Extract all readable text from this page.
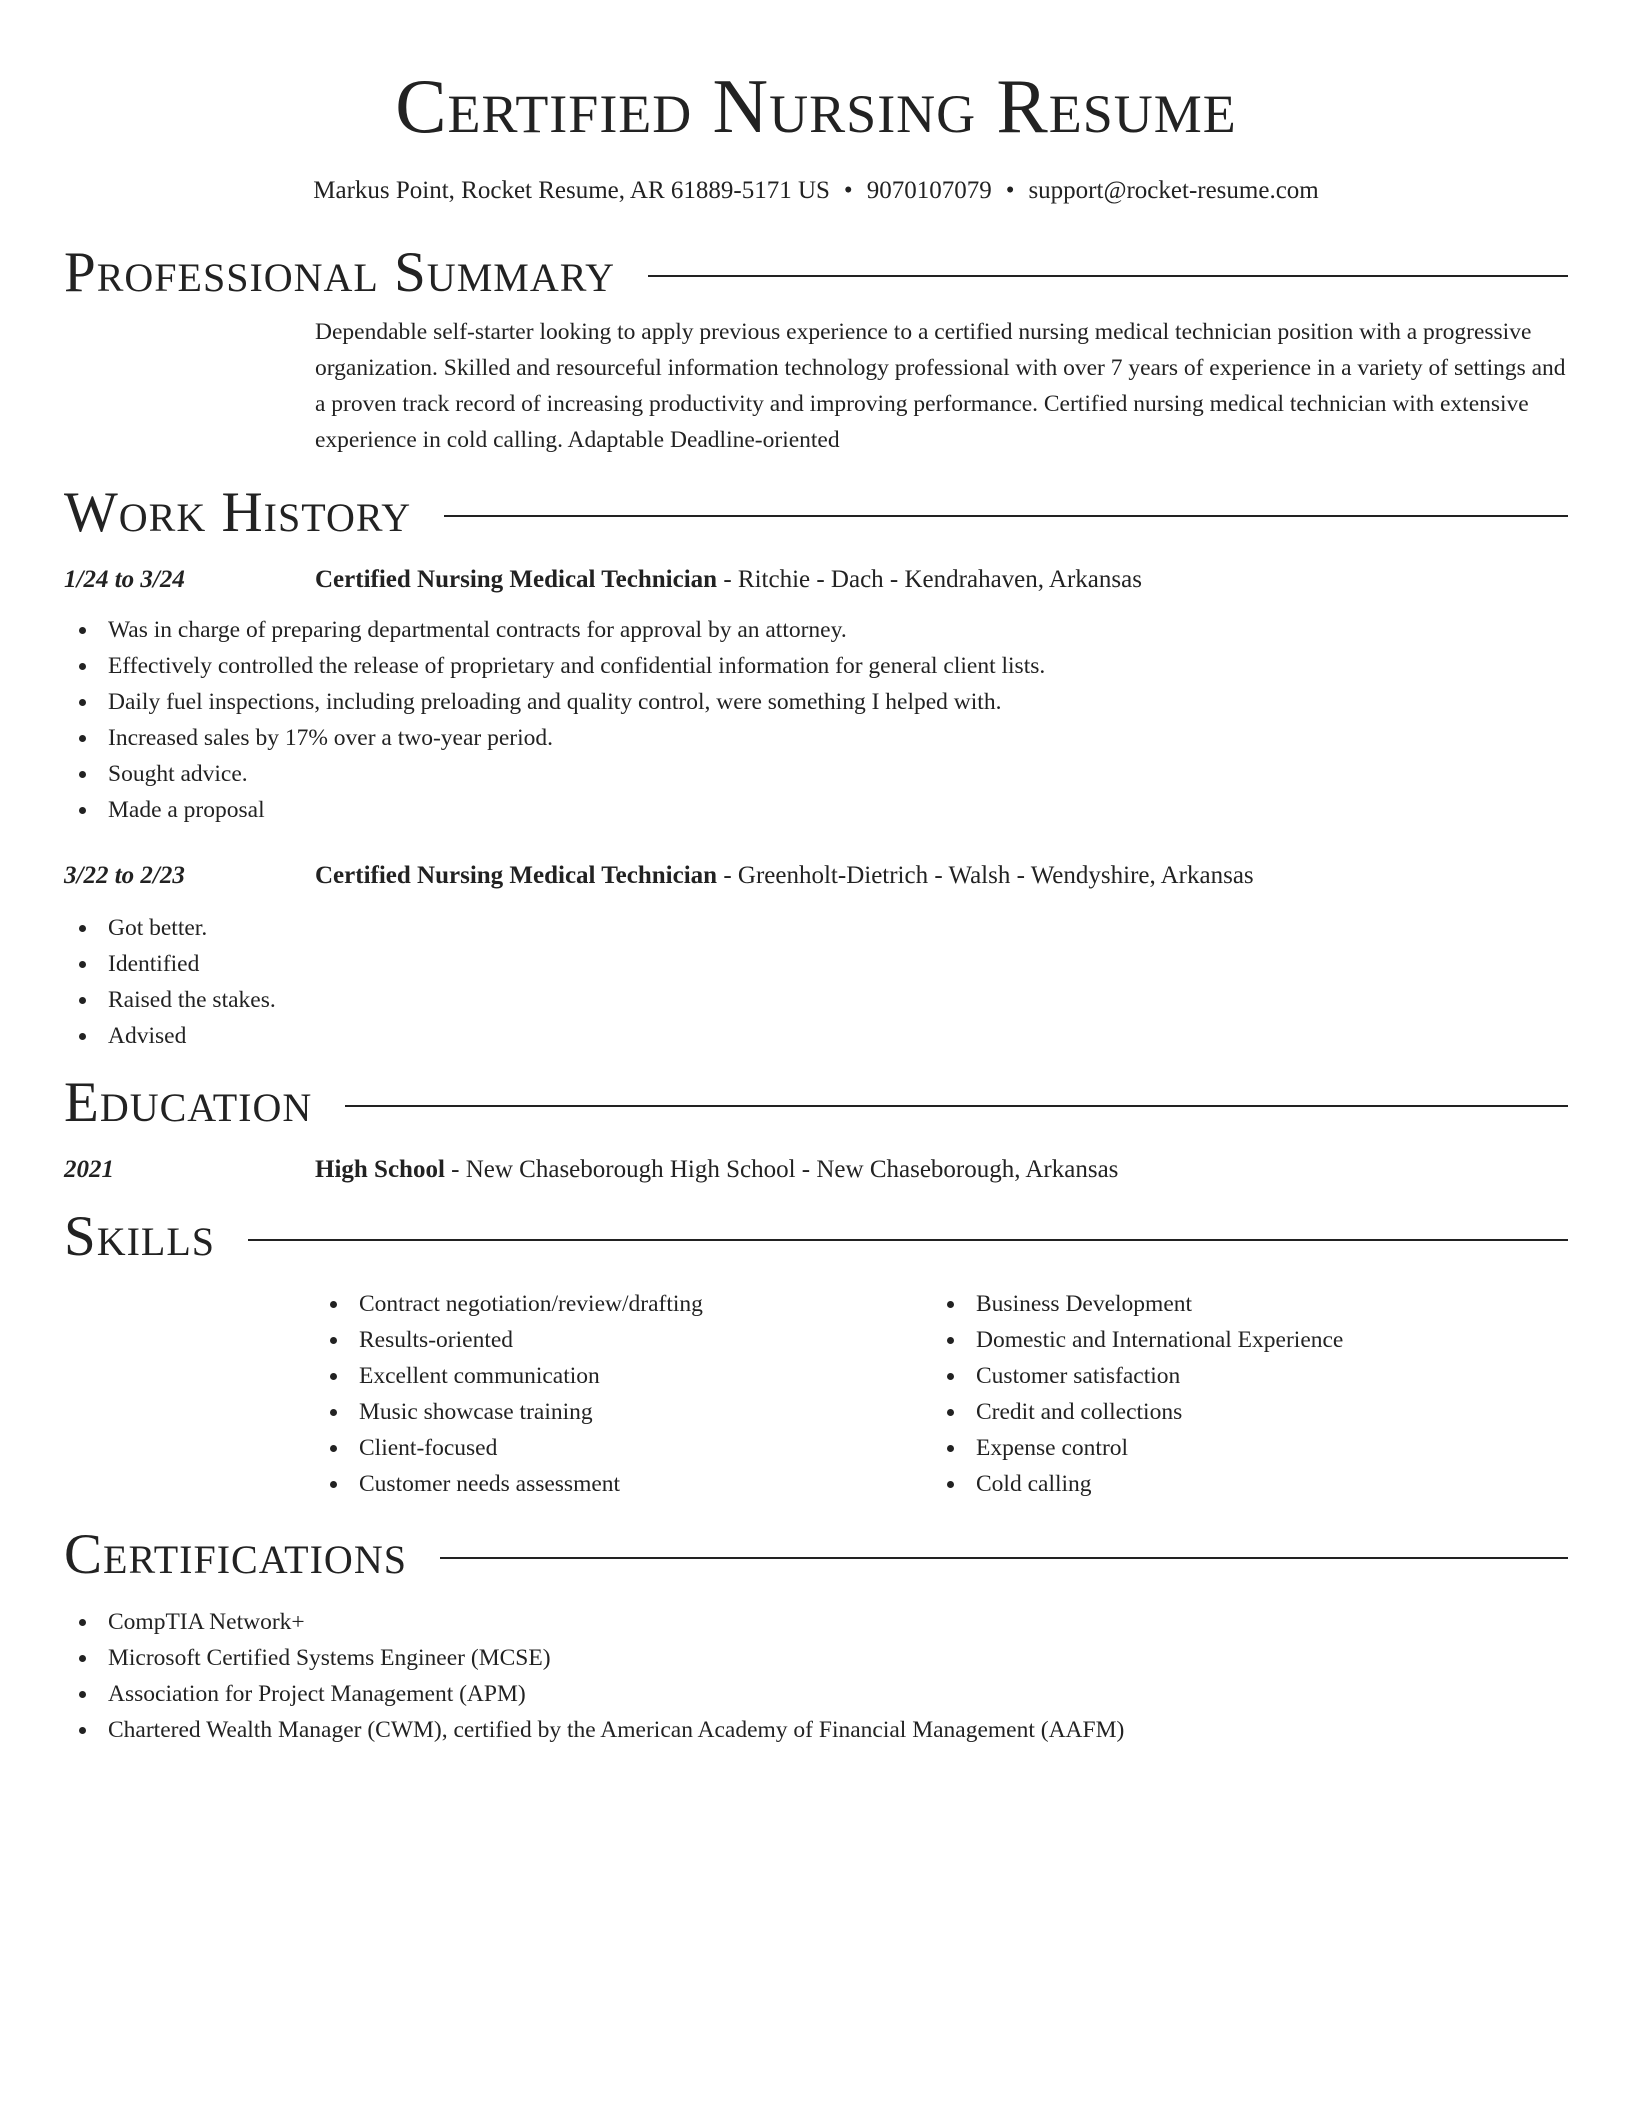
Certified Nursing Resume
Markus Point, Rocket Resume, AR 61889-5171 US • 9070107079 • support@rocket-resume.com
Professional Summary
Dependable self-starter looking to apply previous experience to a certified nursing medical technician position with a progressive organization. Skilled and resourceful information technology professional with over 7 years of experience in a variety of settings and a proven track record of increasing productivity and improving performance. Certified nursing medical technician with extensive experience in cold calling. Adaptable Deadline-oriented
Work History
1/24 to 3/24	Certified Nursing Medical Technician - Ritchie - Dach - Kendrahaven, Arkansas
Was in charge of preparing departmental contracts for approval by an attorney.
Effectively controlled the release of proprietary and confidential information for general client lists.
Daily fuel inspections, including preloading and quality control, were something I helped with.
Increased sales by 17% over a two-year period.
Sought advice.
Made a proposal
3/22 to 2/23	Certified Nursing Medical Technician - Greenholt-Dietrich - Walsh - Wendyshire, Arkansas
Got better.
Identified
Raised the stakes.
Advised
Education
2021	High School - New Chaseborough High School - New Chaseborough, Arkansas
Skills
Contract negotiation/review/drafting
Results-oriented
Excellent communication
Music showcase training
Client-focused
Customer needs assessment
Business Development
Domestic and International Experience
Customer satisfaction
Credit and collections
Expense control
Cold calling
Certifications
CompTIA Network+
Microsoft Certified Systems Engineer (MCSE)
Association for Project Management (APM)
Chartered Wealth Manager (CWM), certified by the American Academy of Financial Management (AAFM)
